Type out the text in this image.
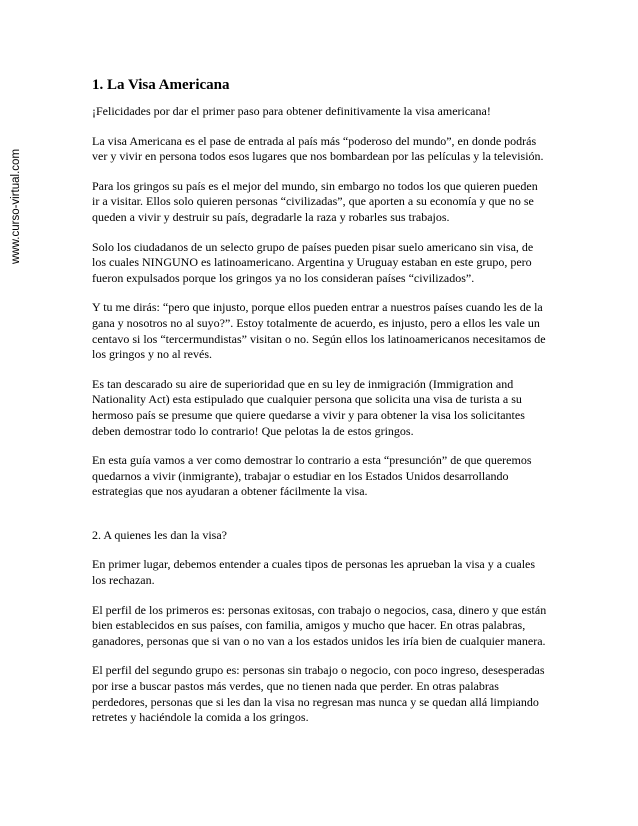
www.curso-virtual.com
1. La Visa Americana

¡Felicidades por dar el primer paso para obtener definitivamente la visa americana!

La visa Americana es el pase de entrada al país más “poderoso del mundo”, en donde podrás ver y vivir en persona todos esos lugares que nos bombardean por las películas y la televisión.

Para los gringos su país es el mejor del mundo, sin embargo no todos los que quieren pueden ir a visitar. Ellos solo quieren personas “civilizadas”, que aporten a su economía y que no se queden a vivir y destruir su país, degradarle la raza y robarles sus trabajos.

Solo los ciudadanos de un selecto grupo de países pueden pisar suelo americano sin visa, de los cuales NINGUNO es latinoamericano. Argentina y Uruguay estaban en este grupo, pero fueron expulsados porque los gringos ya no los consideran países “civilizados”.

Y tu me dirás: “pero que injusto, porque ellos pueden entrar a nuestros países cuando les de la gana y nosotros no al suyo?”. Estoy totalmente de acuerdo, es injusto, pero a ellos les vale un centavo si los “tercermundistas” visitan o no. Según ellos los latinoamericanos necesitamos de los gringos y no al revés.

Es tan descarado su aire de superioridad que en su ley de inmigración (Immigration and Nationality Act) esta estipulado que cualquier persona que solicita una visa de turista a su hermoso país se presume que quiere quedarse a vivir y para obtener la visa los solicitantes deben demostrar todo lo contrario! Que pelotas la de estos gringos.

En esta guía vamos a ver como demostrar lo contrario a esta “presunción” de que queremos quedarnos a vivir (inmigrante), trabajar o estudiar en los Estados Unidos desarrollando estrategias que nos ayudaran a obtener fácilmente la visa.

2. A quienes les dan la visa?

En primer lugar, debemos entender a cuales tipos de personas les aprueban la visa y a cuales los rechazan.

El perfil de los primeros es: personas exitosas, con trabajo o negocios, casa, dinero y que están bien establecidos en sus países, con familia, amigos y mucho que hacer. En otras palabras, ganadores, personas que si van o no van a los estados unidos les iría bien de cualquier manera.

El perfil del segundo grupo es: personas sin trabajo o negocio, con poco ingreso, desesperadas por irse a buscar pastos más verdes, que no tienen nada que perder. En otras palabras perdedores, personas que si les dan la visa no regresan mas nunca y se quedan allá limpiando retretes y haciéndole la comida a los gringos.
